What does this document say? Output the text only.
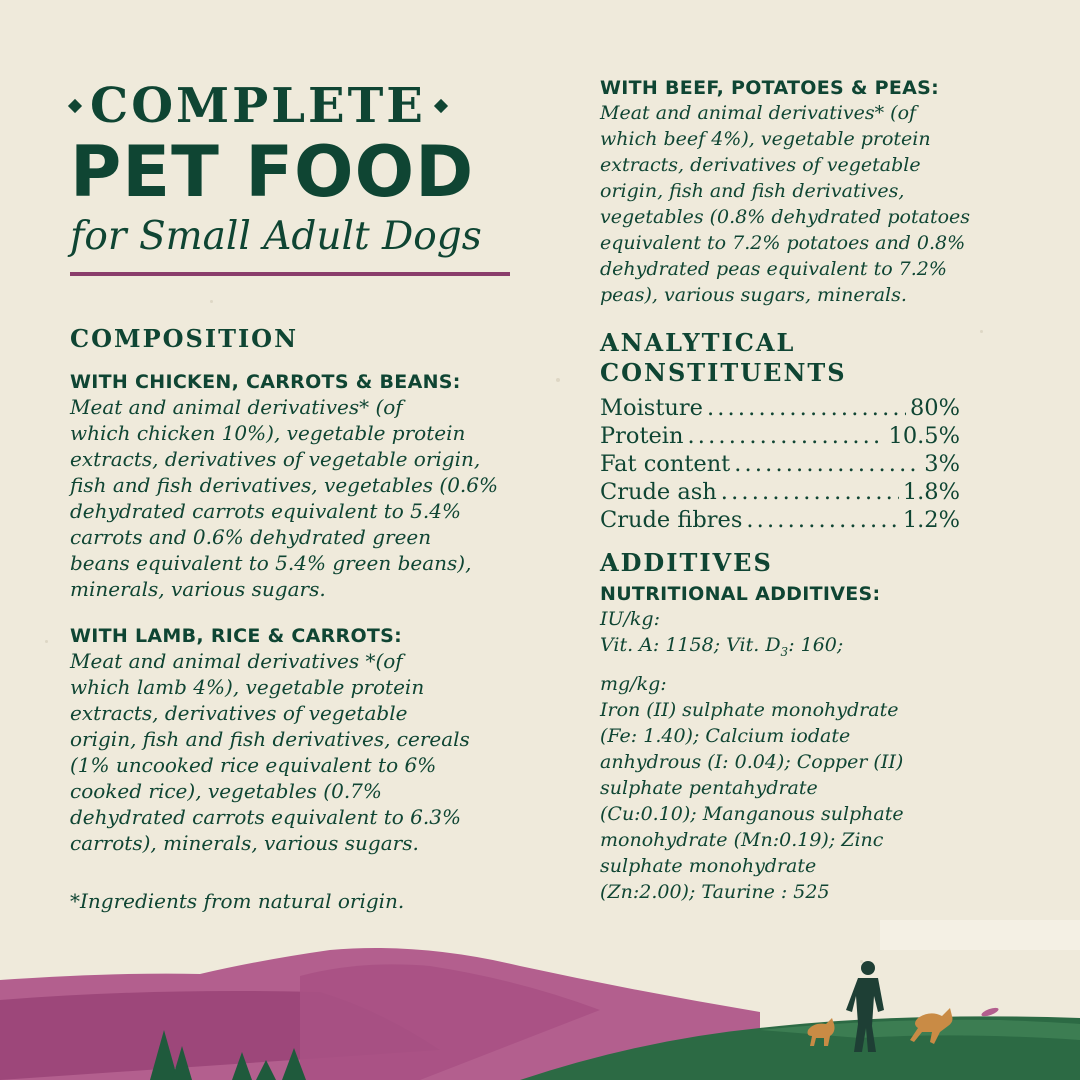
COMPLETE
PET FOOD
for Small Adult Dogs
COMPOSITION
WITH CHICKEN, CARROTS & BEANS:
Meat and animal derivatives* (of
which chicken 10%), vegetable protein
extracts, derivatives of vegetable origin,
fish and fish derivatives, vegetables (0.6%
dehydrated carrots equivalent to 5.4%
carrots and 0.6% dehydrated green
beans equivalent to 5.4% green beans),
minerals, various sugars.
WITH LAMB, RICE & CARROTS:
Meat and animal derivatives *(of
which lamb 4%), vegetable protein
extracts, derivatives of vegetable
origin, fish and fish derivatives, cereals
(1% uncooked rice equivalent to 6%
cooked rice), vegetables (0.7%
dehydrated carrots equivalent to 6.3%
carrots), minerals, various sugars.
*Ingredients from natural origin.
WITH BEEF, POTATOES & PEAS:
Meat and animal derivatives* (of
which beef 4%), vegetable protein
extracts, derivatives of vegetable
origin, fish and fish derivatives,
vegetables (0.8% dehydrated potatoes
equivalent to 7.2% potatoes and 0.8%
dehydrated peas equivalent to 7.2%
peas), various sugars, minerals.
ANALYTICAL
CONSTITUENTS
Moisture . . .	80%
Protein . . .	10.5%
Fat content . . .	3%
Crude ash . . .	1.8%
Crude fibres . . .	1.2%
ADDITIVES
NUTRITIONAL ADDITIVES:
IU/kg:
Vit. A: 1158; Vit. $D_3$: 160;
mg/kg:
Iron (II) sulphate monohydrate
(Fe: 1.40); Calcium iodate
anhydrous (I: 0.04); Copper (II)
sulphate pentahydrate
(Cu:0.10); Manganous sulphate
monohydrate (Mn:0.19); Zinc
sulphate monohydrate
(Zn:2.00); Taurine : 525
